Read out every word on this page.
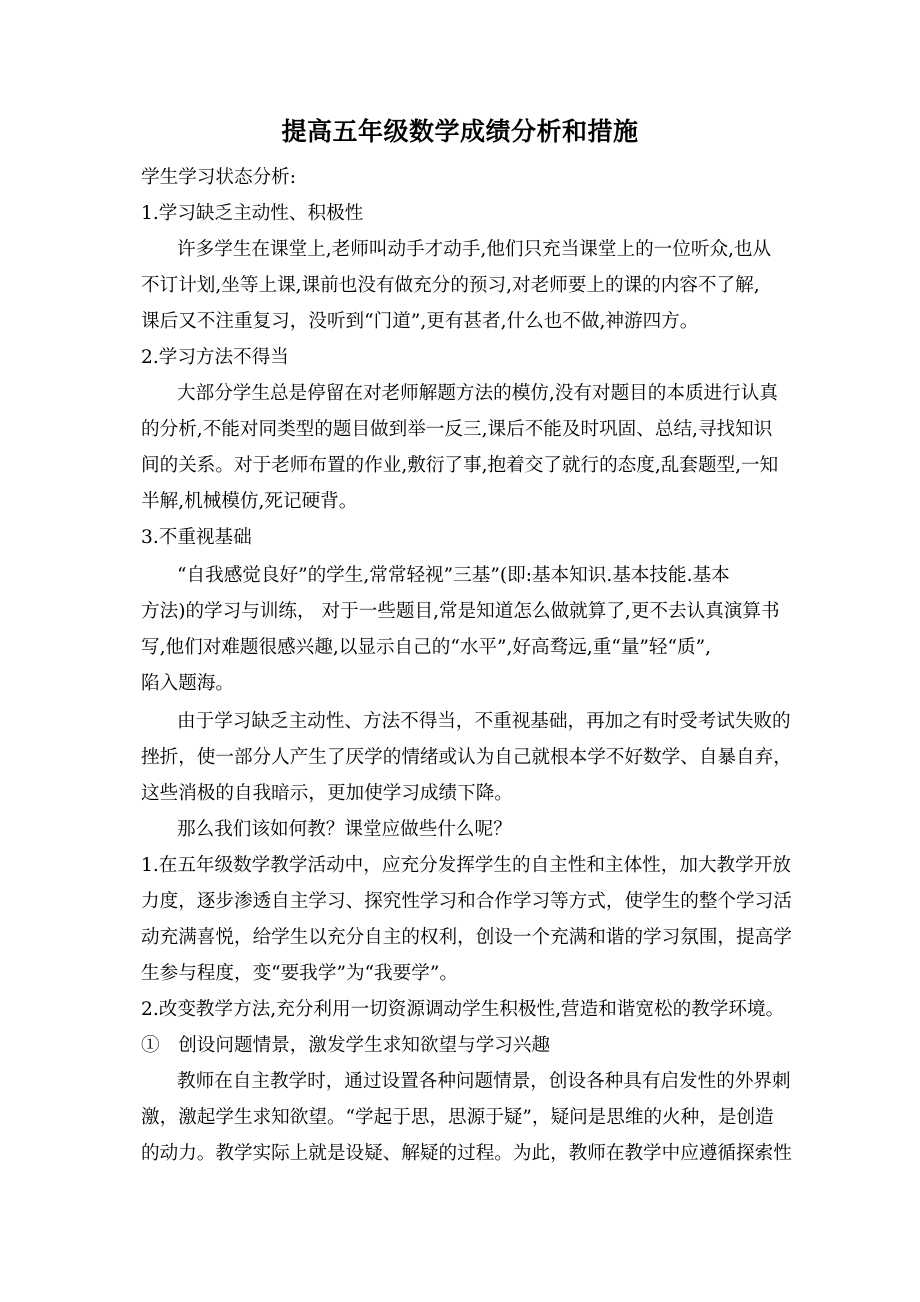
提高五年级数学成绩分析和措施

学生学习状态分析:

1.学习缺乏主动性、积极性

许多学生在课堂上,老师叫动手才动手,他们只充当课堂上的一位听众,也从

不订计划,坐等上课,课前也没有做充分的预习,对老师要上的课的内容不了解,

课后又不注重复习，没听到“门道”,更有甚者,什么也不做,神游四方。

2.学习方法不得当

大部分学生总是停留在对老师解题方法的模仿,没有对题目的本质进行认真

的分析,不能对同类型的题目做到举一反三,课后不能及时巩固、总结,寻找知识

间的关系。对于老师布置的作业,敷衍了事,抱着交了就行的态度,乱套题型,一知

半解,机械模仿,死记硬背。

3.不重视基础

“自我感觉良好”的学生,常常轻视”三基”(即:基本知识.基本技能.基本

方法)的学习与训练， 对于一些题目,常是知道怎么做就算了,更不去认真演算书

写,他们对难题很感兴趣,以显示自己的“水平”,好高骛远,重“量”轻“质”,

陷入题海。

由于学习缺乏主动性、方法不得当，不重视基础，再加之有时受考试失败的

挫折，使一部分人产生了厌学的情绪或认为自己就根本学不好数学、自暴自弃，

这些消极的自我暗示，更加使学习成绩下降。

那么我们该如何教？课堂应做些什么呢？

1.在五年级数学教学活动中，应充分发挥学生的自主性和主体性，加大教学开放

力度，逐步渗透自主学习、探究性学习和合作学习等方式，使学生的整个学习活

动充满喜悦，给学生以充分自主的权利，创设一个充满和谐的学习氛围，提高学

生参与程度，变“要我学”为“我要学”。

2.改变教学方法,充分利用一切资源调动学生积极性,营造和谐宽松的教学环境。

①　创设问题情景，激发学生求知欲望与学习兴趣

教师在自主教学时，通过设置各种问题情景，创设各种具有启发性的外界刺

激，激起学生求知欲望。“学起于思，思源于疑”，疑问是思维的火种，是创造

的动力。教学实际上就是设疑、解疑的过程。为此，教师在教学中应遵循探索性
